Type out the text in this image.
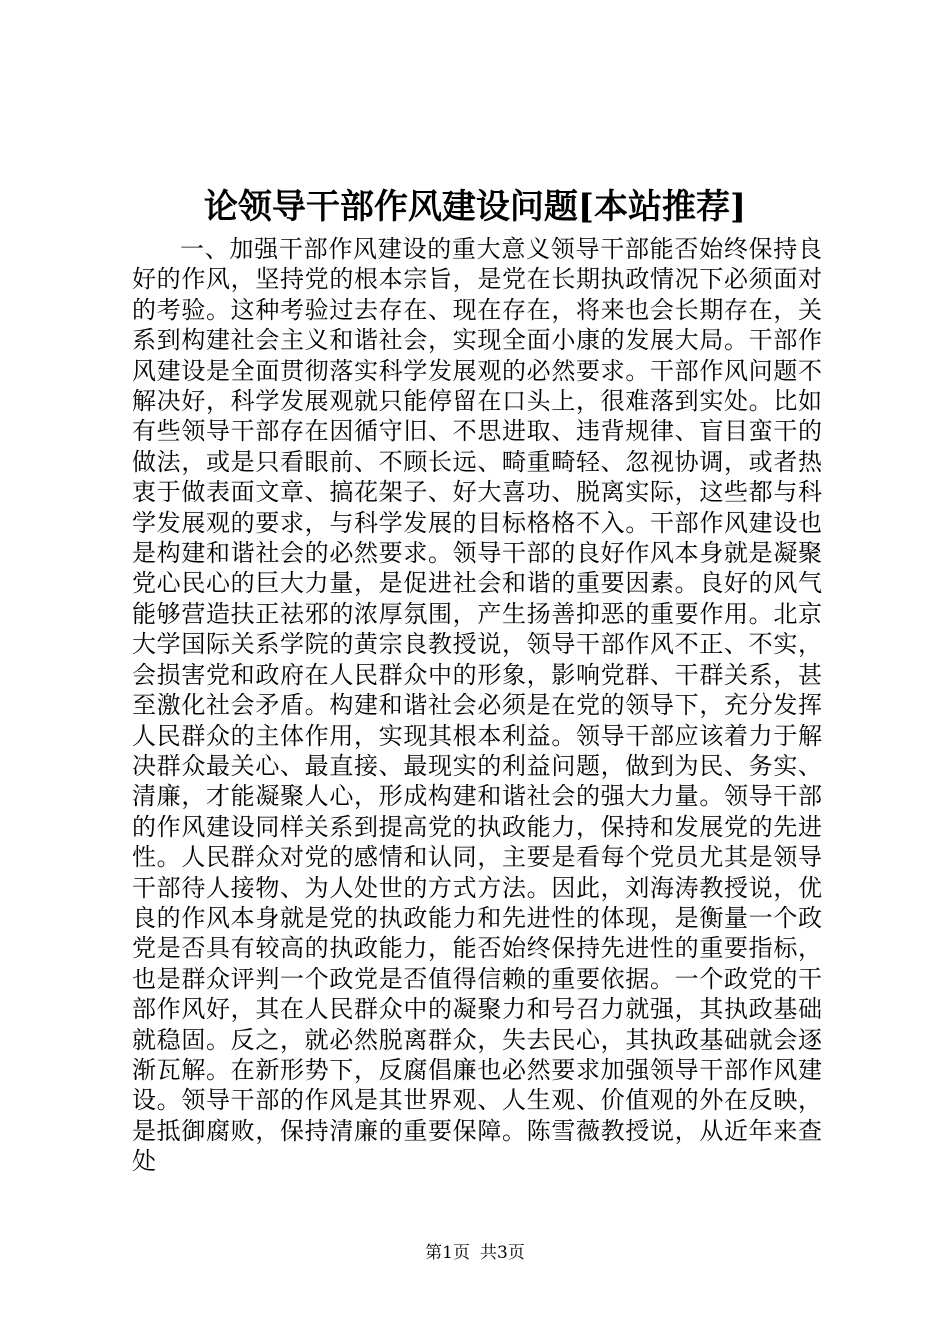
论领导干部作风建设问题[本站推荐]

一、加强干部作风建设的重大意义领导干部能否始终保持良好的作风，坚持党的根本宗旨，是党在长期执政情况下必须面对的考验。这种考验过去存在、现在存在，将来也会长期存在，关系到构建社会主义和谐社会，实现全面小康的发展大局。干部作风建设是全面贯彻落实科学发展观的必然要求。干部作风问题不解决好，科学发展观就只能停留在口头上，很难落到实处。比如有些领导干部存在因循守旧、不思进取、违背规律、盲目蛮干的做法，或是只看眼前、不顾长远、畸重畸轻、忽视协调，或者热衷于做表面文章、搞花架子、好大喜功、脱离实际，这些都与科学发展观的要求，与科学发展的目标格格不入。干部作风建设也是构建和谐社会的必然要求。领导干部的良好作风本身就是凝聚党心民心的巨大力量，是促进社会和谐的重要因素。良好的风气能够营造扶正祛邪的浓厚氛围，产生扬善抑恶的重要作用。北京大学国际关系学院的黄宗良教授说，领导干部作风不正、不实，会损害党和政府在人民群众中的形象，影响党群、干群关系，甚至激化社会矛盾。构建和谐社会必须是在党的领导下，充分发挥人民群众的主体作用，实现其根本利益。领导干部应该着力于解决群众最关心、最直接、最现实的利益问题，做到为民、务实、清廉，才能凝聚人心，形成构建和谐社会的强大力量。领导干部的作风建设同样关系到提高党的执政能力，保持和发展党的先进性。人民群众对党的感情和认同，主要是看每个党员尤其是领导干部待人接物、为人处世的方式方法。因此，刘海涛教授说，优良的作风本身就是党的执政能力和先进性的体现，是衡量一个政党是否具有较高的执政能力，能否始终保持先进性的重要指标，也是群众评判一个政党是否值得信赖的重要依据。一个政党的干部作风好，其在人民群众中的凝聚力和号召力就强，其执政基础就稳固。反之，就必然脱离群众，失去民心，其执政基础就会逐渐瓦解。在新形势下，反腐倡廉也必然要求加强领导干部作风建设。领导干部的作风是其世界观、人生观、价值观的外在反映，是抵御腐败，保持清廉的重要保障。陈雪薇教授说，从近年来查处

第1页 共3页
